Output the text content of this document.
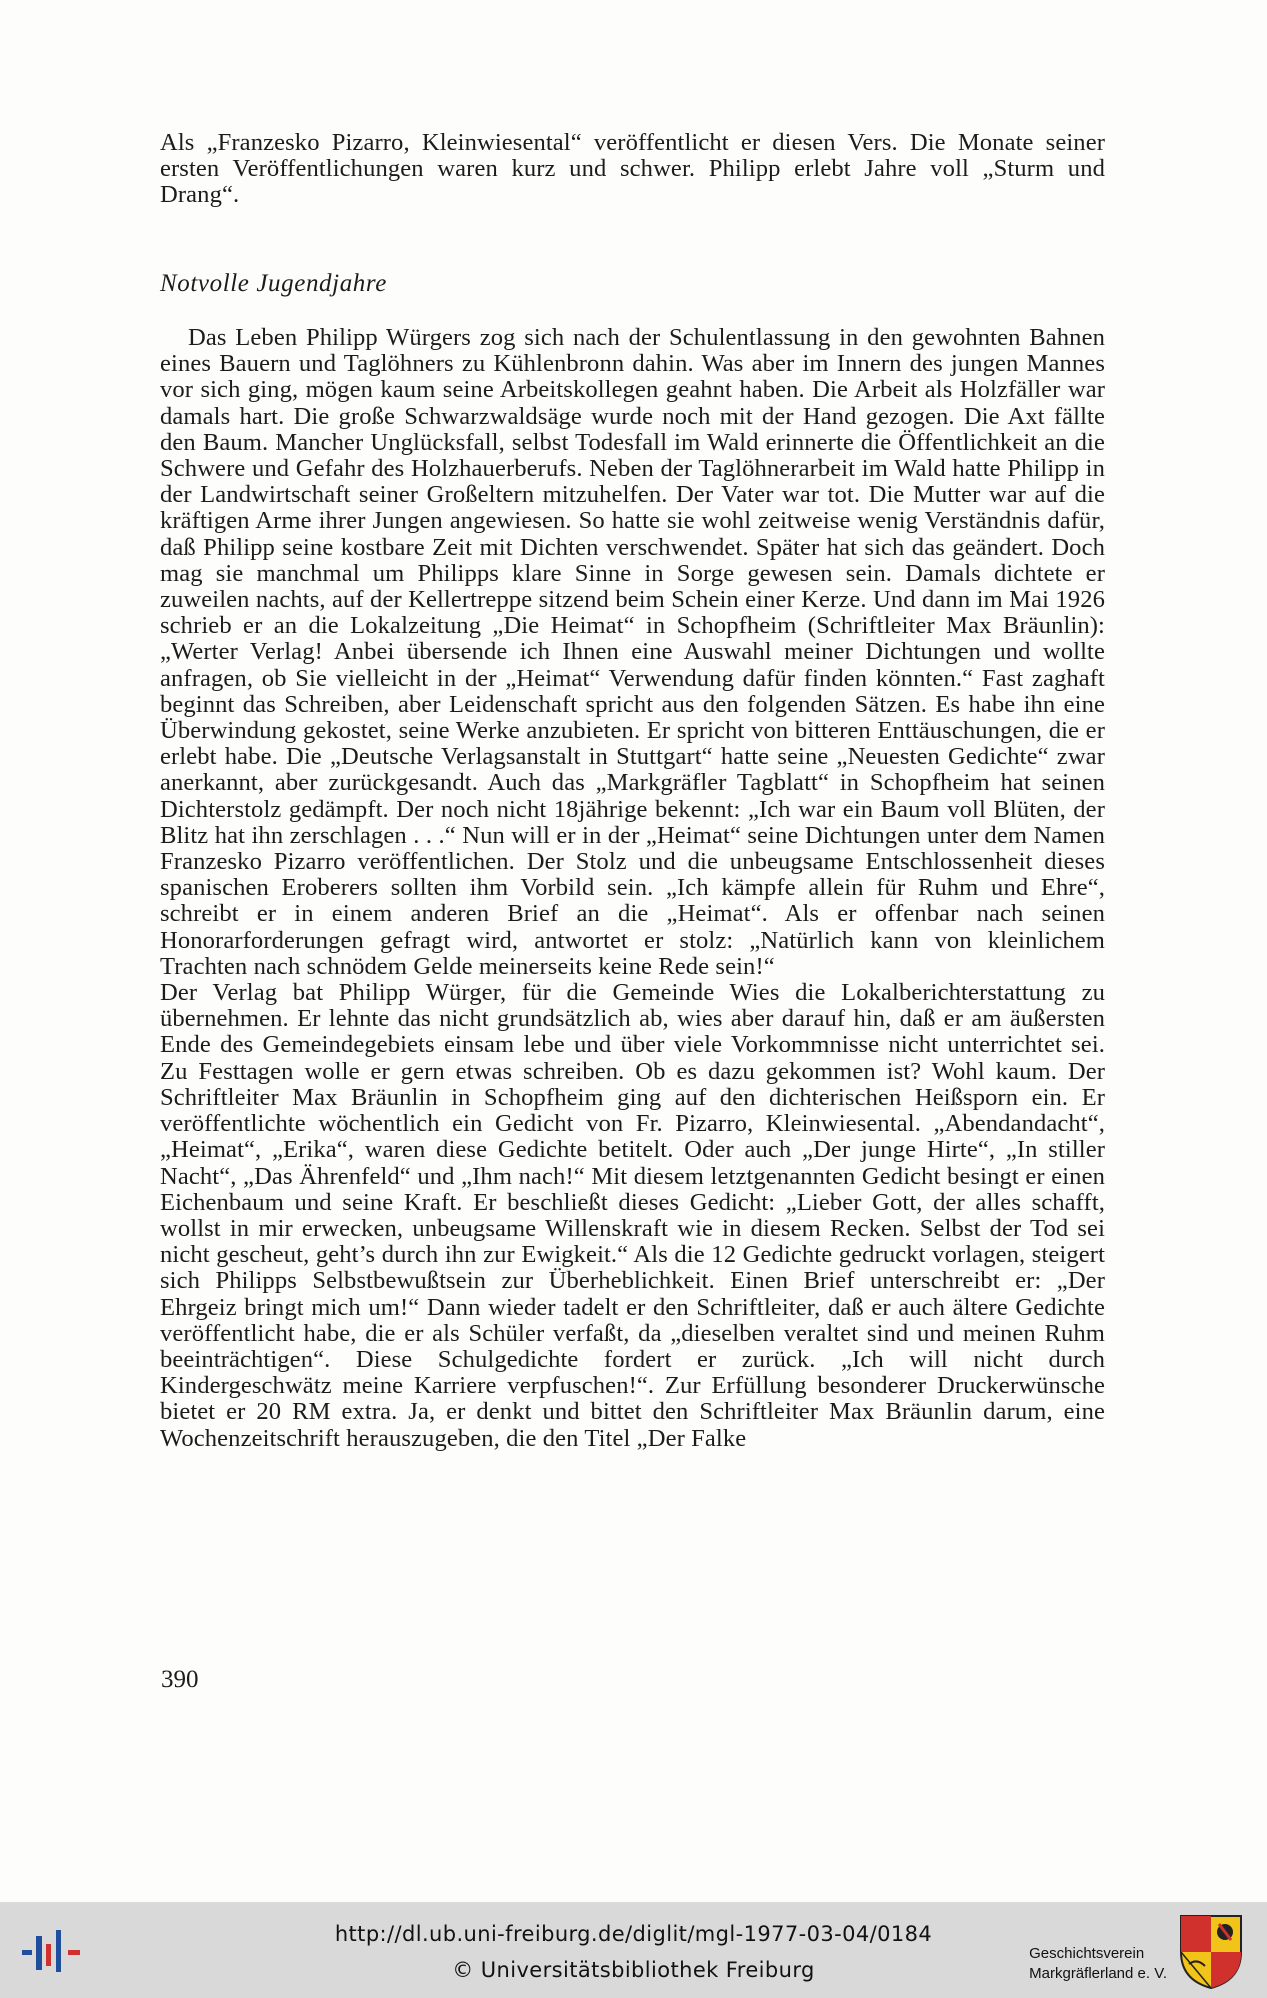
Als „Franzesko Pizarro, Kleinwiesental“ veröffentlicht er diesen Vers. Die Monate seiner ersten Veröffentlichungen waren kurz und schwer. Philipp erlebt Jahre voll „Sturm und Drang“.

Notvolle Jugendjahre

Das Leben Philipp Würgers zog sich nach der Schulentlassung in den gewohnten Bahnen eines Bauern und Taglöhners zu Kühlenbronn dahin. Was aber im Innern des jungen Mannes vor sich ging, mögen kaum seine Arbeitskollegen geahnt haben. Die Arbeit als Holzfäller war damals hart. Die große Schwarzwaldsäge wurde noch mit der Hand gezogen. Die Axt fällte den Baum. Mancher Unglücksfall, selbst Todesfall im Wald erinnerte die Öffentlichkeit an die Schwere und Gefahr des Holzhauerberufs. Neben der Taglöhnerarbeit im Wald hatte Philipp in der Landwirtschaft seiner Großeltern mitzuhelfen. Der Vater war tot. Die Mutter war auf die kräftigen Arme ihrer Jungen angewiesen. So hatte sie wohl zeitweise wenig Verständnis dafür, daß Philipp seine kostbare Zeit mit Dichten verschwendet. Später hat sich das geändert. Doch mag sie manchmal um Philipps klare Sinne in Sorge gewesen sein. Damals dichtete er zuweilen nachts, auf der Kellertreppe sitzend beim Schein einer Kerze. Und dann im Mai 1926 schrieb er an die Lokalzeitung „Die Heimat“ in Schopfheim (Schriftleiter Max Bräunlin): „Werter Verlag! Anbei übersende ich Ihnen eine Auswahl meiner Dichtungen und wollte anfragen, ob Sie vielleicht in der „Heimat“ Verwendung dafür finden könnten.“ Fast zaghaft beginnt das Schreiben, aber Leidenschaft spricht aus den folgenden Sätzen. Es habe ihn eine Überwindung gekostet, seine Werke anzubieten. Er spricht von bitteren Enttäuschungen, die er erlebt habe. Die „Deutsche Verlagsanstalt in Stuttgart“ hatte seine „Neuesten Gedichte“ zwar anerkannt, aber zurückgesandt. Auch das „Markgräfler Tagblatt“ in Schopfheim hat seinen Dichterstolz gedämpft. Der noch nicht 18jährige bekennt: „Ich war ein Baum voll Blüten, der Blitz hat ihn zerschlagen . . .“ Nun will er in der „Heimat“ seine Dichtungen unter dem Namen Franzesko Pizarro veröffentlichen. Der Stolz und die unbeugsame Entschlossenheit dieses spanischen Eroberers sollten ihm Vorbild sein. „Ich kämpfe allein für Ruhm und Ehre“, schreibt er in einem anderen Brief an die „Heimat“. Als er offenbar nach seinen Honorarforderungen gefragt wird, antwortet er stolz: „Natürlich kann von kleinlichem Trachten nach schnödem Gelde meinerseits keine Rede sein!“

Der Verlag bat Philipp Würger, für die Gemeinde Wies die Lokalberichterstattung zu übernehmen. Er lehnte das nicht grundsätzlich ab, wies aber darauf hin, daß er am äußersten Ende des Gemeindegebiets einsam lebe und über viele Vorkommnisse nicht unterrichtet sei. Zu Festtagen wolle er gern etwas schreiben. Ob es dazu gekommen ist? Wohl kaum. Der Schriftleiter Max Bräunlin in Schopfheim ging auf den dichterischen Heißsporn ein. Er veröffentlichte wöchentlich ein Gedicht von Fr. Pizarro, Kleinwiesental. „Abendandacht“, „Heimat“, „Erika“, waren diese Gedichte betitelt. Oder auch „Der junge Hirte“, „In stiller Nacht“, „Das Ährenfeld“ und „Ihm nach!“ Mit diesem letztgenannten Gedicht besingt er einen Eichenbaum und seine Kraft. Er beschließt dieses Gedicht: „Lieber Gott, der alles schafft, wollst in mir erwecken, unbeugsame Willenskraft wie in diesem Recken. Selbst der Tod sei nicht gescheut, geht’s durch ihn zur Ewigkeit.“ Als die 12 Gedichte gedruckt vorlagen, steigert sich Philipps Selbstbewußtsein zur Überheblichkeit. Einen Brief unterschreibt er: „Der Ehrgeiz bringt mich um!“ Dann wieder tadelt er den Schriftleiter, daß er auch ältere Gedichte veröffentlicht habe, die er als Schüler verfaßt, da „dieselben veraltet sind und meinen Ruhm beeinträchtigen“. Diese Schulgedichte fordert er zurück. „Ich will nicht durch Kindergeschwätz meine Karriere verpfuschen!“. Zur Erfüllung besonderer Druckerwünsche bietet er 20 RM extra. Ja, er denkt und bittet den Schriftleiter Max Bräunlin darum, eine Wochenzeitschrift herauszugeben, die den Titel „Der Falke

390
http://dl.ub.uni-freiburg.de/diglit/mgl-1977-03-04/0184
© Universitätsbibliothek Freiburg
Geschichtsverein
Markgräflerland e. V.
